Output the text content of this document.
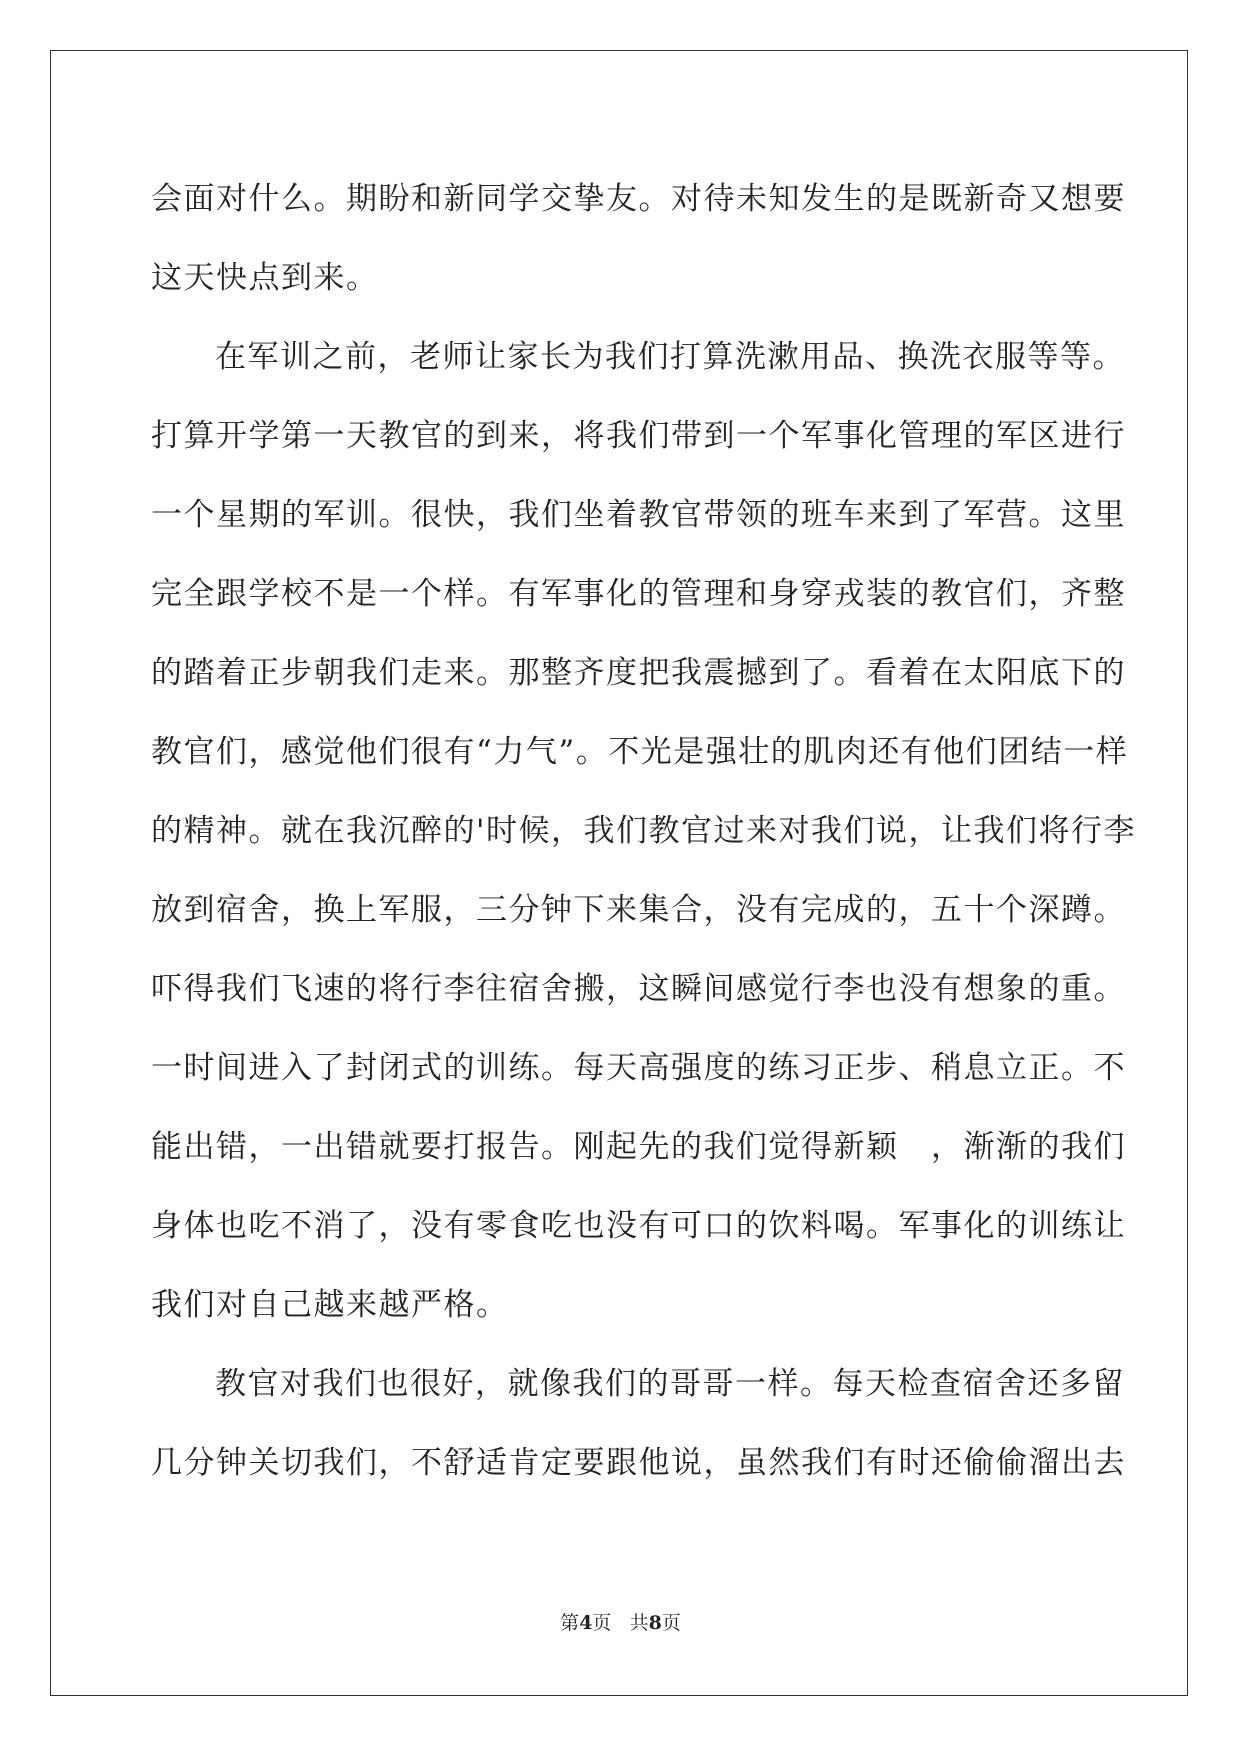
会面对什么。期盼和新同学交挚友。对待未知发生的是既新奇又想要
这天快点到来。
在军训之前，老师让家长为我们打算洗漱用品、换洗衣服等等。
打算开学第一天教官的到来，将我们带到一个军事化管理的军区进行
一个星期的军训。很快，我们坐着教官带领的班车来到了军营。这里
完全跟学校不是一个样。有军事化的管理和身穿戎装的教官们，齐整
的踏着正步朝我们走来。那整齐度把我震撼到了。看着在太阳底下的
教官们，感觉他们很有“力气”。不光是强壮的肌肉还有他们团结一样
的精神。就在我沉醉的'时候，我们教官过来对我们说，让我们将行李
放到宿舍，换上军服，三分钟下来集合，没有完成的，五十个深蹲。
吓得我们飞速的将行李往宿舍搬，这瞬间感觉行李也没有想象的重。
一时间进入了封闭式的训练。每天高强度的练习正步、稍息立正。不
能出错，一出错就要打报告。刚起先的我们觉得新颖　，渐渐的我们
身体也吃不消了，没有零食吃也没有可口的饮料喝。军事化的训练让
我们对自己越来越严格。
教官对我们也很好，就像我们的哥哥一样。每天检查宿舍还多留
几分钟关切我们，不舒适肯定要跟他说，虽然我们有时还偷偷溜出去
第4页 共8页
